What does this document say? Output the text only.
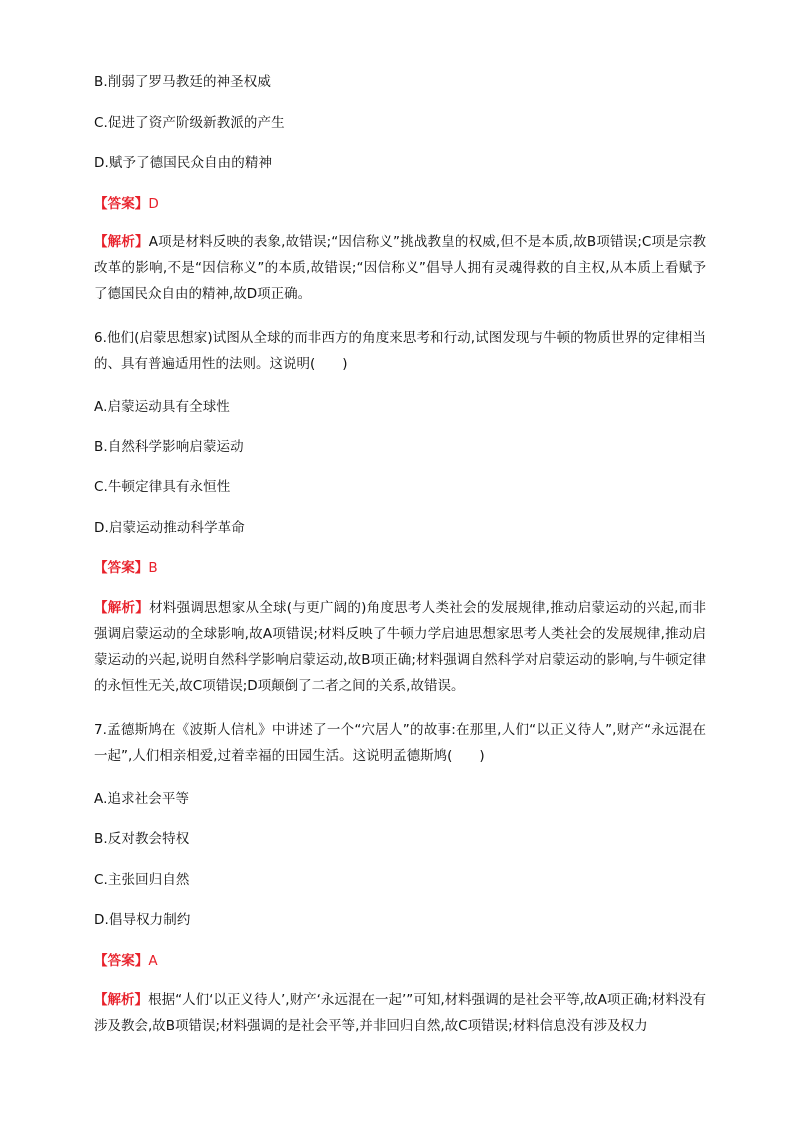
B.削弱了罗马教廷的神圣权威
C.促进了资产阶级新教派的产生
D.赋予了德国民众自由的精神
【答案】D
【解析】A项是材料反映的表象,故错误;“因信称义”挑战教皇的权威,但不是本质,故B项错误;C项是宗教改革的影响,不是“因信称义”的本质,故错误;“因信称义”倡导人拥有灵魂得救的自主权,从本质上看赋予了德国民众自由的精神,故D项正确。
6.他们(启蒙思想家)试图从全球的而非西方的角度来思考和行动,试图发现与牛顿的物质世界的定律相当的、具有普遍适用性的法则。这说明(　　)
A.启蒙运动具有全球性
B.自然科学影响启蒙运动
C.牛顿定律具有永恒性
D.启蒙运动推动科学革命
【答案】B
【解析】材料强调思想家从全球(与更广阔的)角度思考人类社会的发展规律,推动启蒙运动的兴起,而非强调启蒙运动的全球影响,故A项错误;材料反映了牛顿力学启迪思想家思考人类社会的发展规律,推动启蒙运动的兴起,说明自然科学影响启蒙运动,故B项正确;材料强调自然科学对启蒙运动的影响,与牛顿定律的永恒性无关,故C项错误;D项颠倒了二者之间的关系,故错误。
7.孟德斯鸠在《波斯人信札》中讲述了一个“穴居人”的故事:在那里,人们“以正义待人”,财产“永远混在一起”,人们相亲相爱,过着幸福的田园生活。这说明孟德斯鸠(　　)
A.追求社会平等
B.反对教会特权
C.主张回归自然
D.倡导权力制约
【答案】A
【解析】根据“人们‘以正义待人’,财产‘永远混在一起’”可知,材料强调的是社会平等,故A项正确;材料没有涉及教会,故B项错误;材料强调的是社会平等,并非回归自然,故C项错误;材料信息没有涉及权力
